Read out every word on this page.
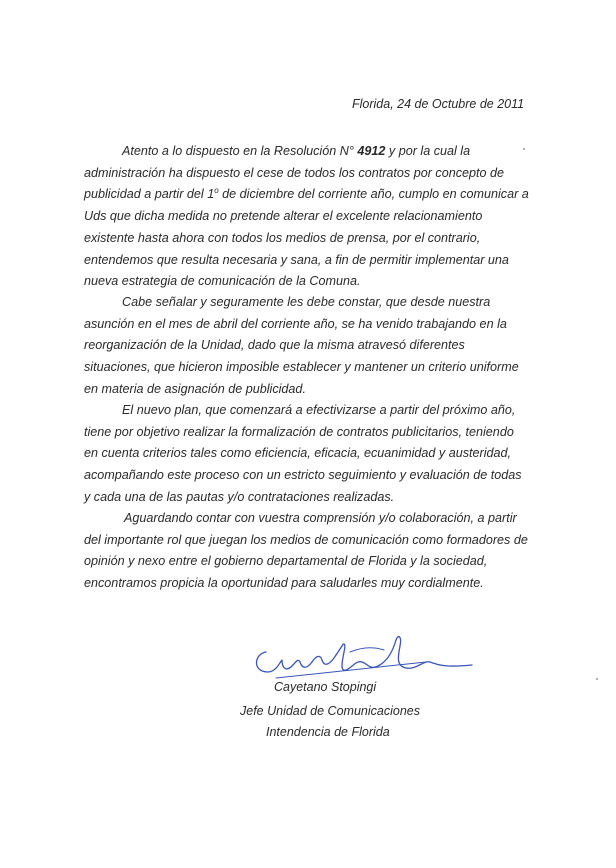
Florida, 24 de Octubre de 2011

Atento a lo dispuesto en la Resolución N° 4912 y por la cual la administración ha dispuesto el cese de todos los contratos por concepto de publicidad a partir del 1$^o$ de diciembre del corriente año, cumplo en comunicar a Uds que dicha medida no pretende alterar el excelente relacionamiento existente hasta ahora con todos los medios de prensa, por el contrario, entendemos que resulta necesaria y sana, a fin de permitir implementar una nueva estrategia de comunicación de la Comuna.

Cabe señalar y seguramente les debe constar, que desde nuestra asunción en el mes de abril del corriente año, se ha venido trabajando en la reorganización de la Unidad, dado que la misma atravesó diferentes situaciones, que hicieron imposible establecer y mantener un criterio uniforme en materia de asignación de publicidad.

El nuevo plan, que comenzará a efectivizarse a partir del próximo año, tiene por objetivo realizar la formalización de contratos publicitarios, teniendo en cuenta criterios tales como eficiencia, eficacia, ecuanimidad y austeridad, acompañando este proceso con un estricto seguimiento y evaluación de todas y cada una de las pautas y/o contrataciones realizadas.

Aguardando contar con vuestra comprensión y/o colaboración, a partir del importante rol que juegan los medios de comunicación como formadores de opinión y nexo entre el gobierno departamental de Florida y la sociedad, encontramos propicia la oportunidad para saludarles muy cordialmente.

Cayetano Stopingi
Jefe Unidad de Comunicaciones
Intendencia de Florida
